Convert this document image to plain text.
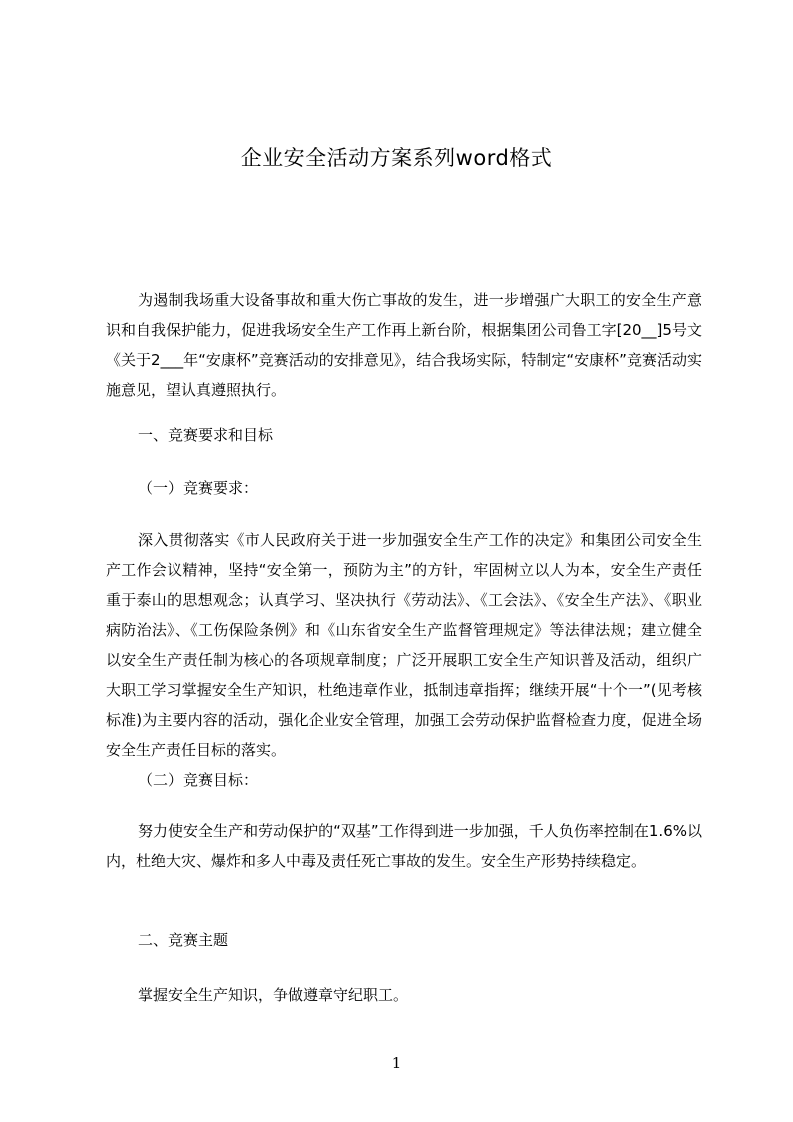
企业安全活动方案系列word格式

为遏制我场重大设备事故和重大伤亡事故的发生，进一步增强广大职工的安全生产意识和自我保护能力，促进我场安全生产工作再上新台阶，根据集团公司鲁工字[20__]5号文《关于2___年“安康杯”竞赛活动的安排意见》，结合我场实际，特制定“安康杯”竞赛活动实施意见，望认真遵照执行。

一、竞赛要求和目标

（一）竞赛要求：

深入贯彻落实《市人民政府关于进一步加强安全生产工作的决定》和集团公司安全生产工作会议精神，坚持“安全第一，预防为主”的方针，牢固树立以人为本，安全生产责任重于泰山的思想观念；认真学习、坚决执行《劳动法》、《工会法》、《安全生产法》、《职业病防治法》、《工伤保险条例》和《山东省安全生产监督管理规定》等法律法规；建立健全以安全生产责任制为核心的各项规章制度；广泛开展职工安全生产知识普及活动，组织广大职工学习掌握安全生产知识，杜绝违章作业，抵制违章指挥；继续开展“十个一”(见考核标准)为主要内容的活动，强化企业安全管理，加强工会劳动保护监督检查力度，促进全场安全生产责任目标的落实。

（二）竞赛目标：

努力使安全生产和劳动保护的“双基”工作得到进一步加强，千人负伤率控制在1.6%以内，杜绝大灾、爆炸和多人中毒及责任死亡事故的发生。安全生产形势持续稳定。

二、竞赛主题

掌握安全生产知识，争做遵章守纪职工。

1
